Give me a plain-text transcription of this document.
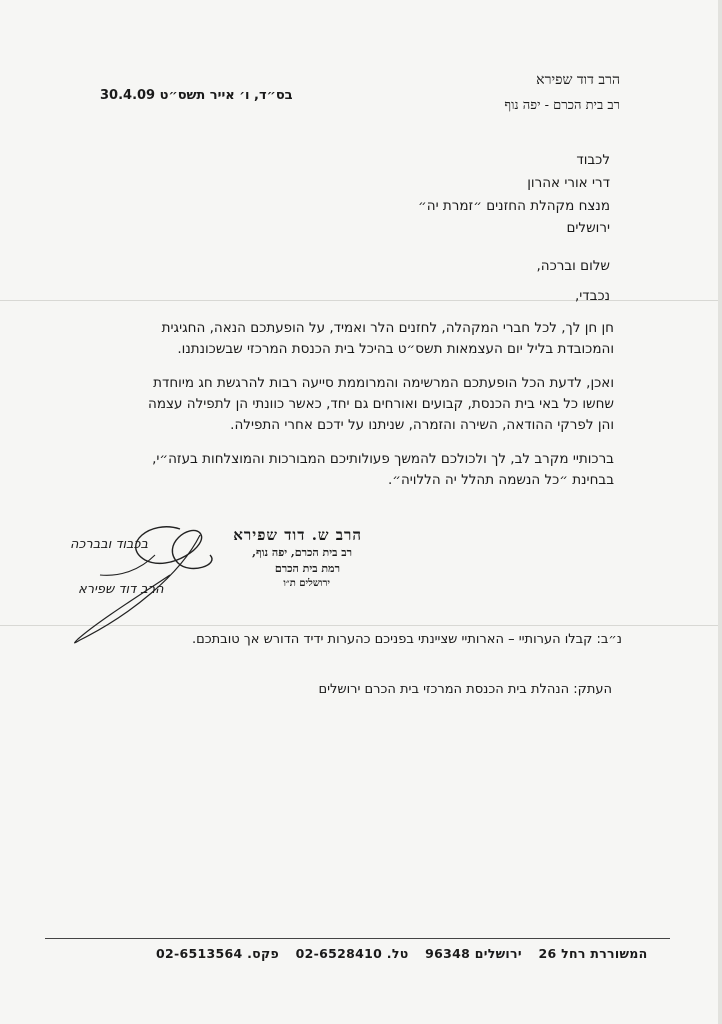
הרב דוד שפירא
רב בית הכרם - יפה נוף
בס״ד, ו׳ אייר תשס״ט 30.4.09
לכבוד
דרי אורי אהרון
מנצח מקהלת החזנים ״זמרת יה״
ירושלים
שלום וברכה,
נכבדי,
חן חן לך, לכל חברי המקהלה, לחזנים הלר ואמיד, על הופעתכם הנאה, החגיגית
והמכובדת בליל יום העצמאות תשס״ט בהיכל בית הכנסת המרכזי שבשכונתנו.
ואכן, לדעת הכל הופעתכם המרשימה והמרוממת סייעה רבות להרגשת חג מיוחדת
שחשו כל באי בית הכנסת, קבועים ואורחים גם יחד, כאשר כוונתי הן לתפילה עצמה
והן לפרקי ההודאה, השירה והזמרה, שניתנו על ידכם אחרי התפילה.
ברכותיי מקרב לב, לך ולכולכם להמשך פעולותיכם המבורכות והמוצלחות בעזה״י,
בבחינת ״כל הנשמה תהלל יה הללויה״.
הרב ש. דוד שפירא
רב בית הכרם, יפה נוף,
רמת בית הכרם
ירושלים ת״ו
בכבוד ובברכה
הרב דוד שפירא
נ״ב: קבלו הערותיי – הארותיי שציינתי בפניכם כהערות ידיד הדורש אך טובתכם.
העתק: הנהלת בית הכנסת המרכזי בית הכרם ירושלים
המשוררת רחל 26 ירושלים 96348 טל. 02-6528410 פקס. 02-6513564
